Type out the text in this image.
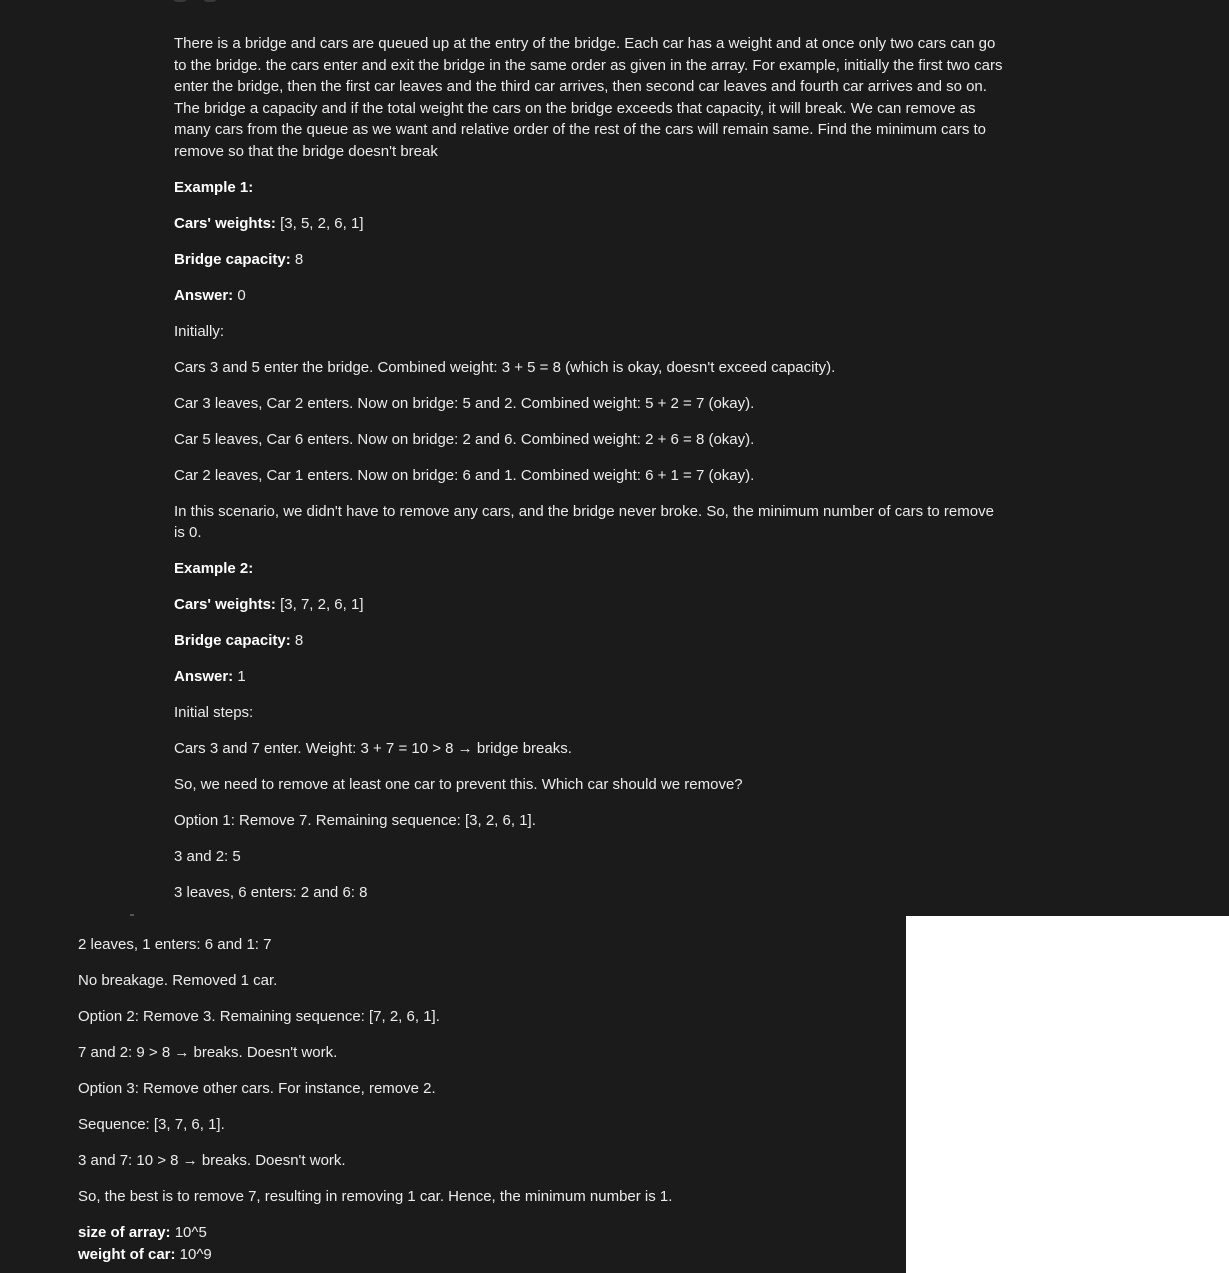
There is a bridge and cars are queued up at the entry of the bridge. Each car has a weight and at once only two cars can go to the bridge. the cars enter and exit the bridge in the same order as given in the array. For example, initially the first two cars enter the bridge, then the first car leaves and the third car arrives, then second car leaves and fourth car arrives and so on. The bridge a capacity and if the total weight the cars on the bridge exceeds that capacity, it will break. We can remove as many cars from the queue as we want and relative order of the rest of the cars will remain same. Find the minimum cars to remove so that the bridge doesn't break

Example 1:

Cars' weights: [3, 5, 2, 6, 1]

Bridge capacity: 8

Answer: 0

Initially:

Cars 3 and 5 enter the bridge. Combined weight: 3 + 5 = 8 (which is okay, doesn't exceed capacity).

Car 3 leaves, Car 2 enters. Now on bridge: 5 and 2. Combined weight: 5 + 2 = 7 (okay).

Car 5 leaves, Car 6 enters. Now on bridge: 2 and 6. Combined weight: 2 + 6 = 8 (okay).

Car 2 leaves, Car 1 enters. Now on bridge: 6 and 1. Combined weight: 6 + 1 = 7 (okay).

In this scenario, we didn't have to remove any cars, and the bridge never broke. So, the minimum number of cars to remove is 0.

Example 2:

Cars' weights: [3, 7, 2, 6, 1]

Bridge capacity: 8

Answer: 1

Initial steps:

Cars 3 and 7 enter. Weight: 3 + 7 = 10 > 8 → bridge breaks.

So, we need to remove at least one car to prevent this. Which car should we remove?

Option 1: Remove 7. Remaining sequence: [3, 2, 6, 1].

3 and 2: 5

3 leaves, 6 enters: 2 and 6: 8

2 leaves, 1 enters: 6 and 1: 7

No breakage. Removed 1 car.

Option 2: Remove 3. Remaining sequence: [7, 2, 6, 1].

7 and 2: 9 > 8 → breaks. Doesn't work.

Option 3: Remove other cars. For instance, remove 2.

Sequence: [3, 7, 6, 1].

3 and 7: 10 > 8 → breaks. Doesn't work.

So, the best is to remove 7, resulting in removing 1 car. Hence, the minimum number is 1.

size of array: 10^5

weight of car: 10^9
